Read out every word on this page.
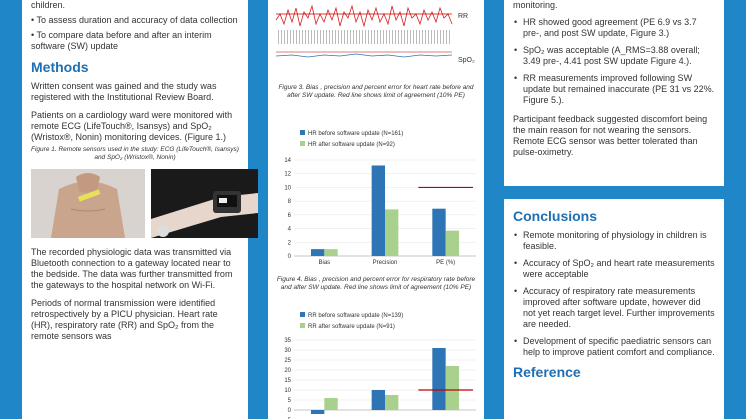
children.

• To assess duration and accuracy of data collection

• To compare data before and after an interim software (SW) update

Methods

Written consent was gained and the study was registered with the Institutional Review Board.

Patients on a cardiology ward were monitored with remote ECG (LifeTouch®, Isansys) and SpO₂ (Wristox®, Nonin) monitoring devices. (Figure 1.)

Figure 1. Remote sensors used in the study: ECG (LifeTouch®, Isansys) and SpO₂ (Wristox®, Nonin)

The recorded physiologic data was transmitted via Bluetooth connection to a gateway located near to the bedside. The data was further transmitted from the gateways to the hospital network on Wi-Fi.

Periods of normal transmission were identified retrospectively by a PICU physician. Heart rate (HR), respiratory rate (RR) and SpO₂ from the remote sensors was

RR
SpO₂

Figure 3. Bias , precision and percent error for heart rate before and after SW update. Red line shows limit of agreement (10% PE)

HR before software update (N=161)
HR after software update (N=92)
0
2
4
6
8
10
12
14
Bias	Precision	PE (%)

Figure 4. Bias , precision and percent error for respiratory rate before and after SW update. Red line shows limit of agreement (10% PE)

RR before software update (N=139)
RR after software update (N=91)
0
5
10
15
20
25
30
35

monitoring.

• HR showed good agreement (PE 6.9 vs 3.7 pre-, and post SW update, Figure 3.)
• SpO₂ was acceptable (A_RMS=3.88 overall; 3.49 pre-, 4.41 post SW update Figure 4.).
• RR measurements improved following SW update but remained inaccurate (PE 31 vs 22%. Figure 5.).

Participant feedback suggested discomfort being the main reason for not wearing the sensors. Remote ECG sensor was better tolerated than pulse-oximetry.

Conclusions
• Remote monitoring of physiology in children is feasible.
• Accuracy of SpO₂ and heart rate measurements were acceptable
• Accuracy of respiratory rate measurements improved after software update, however did not yet reach target level. Further improvements are needed.
• Development of specific paediatric sensors can help to improve patient comfort and compliance.
Reference
